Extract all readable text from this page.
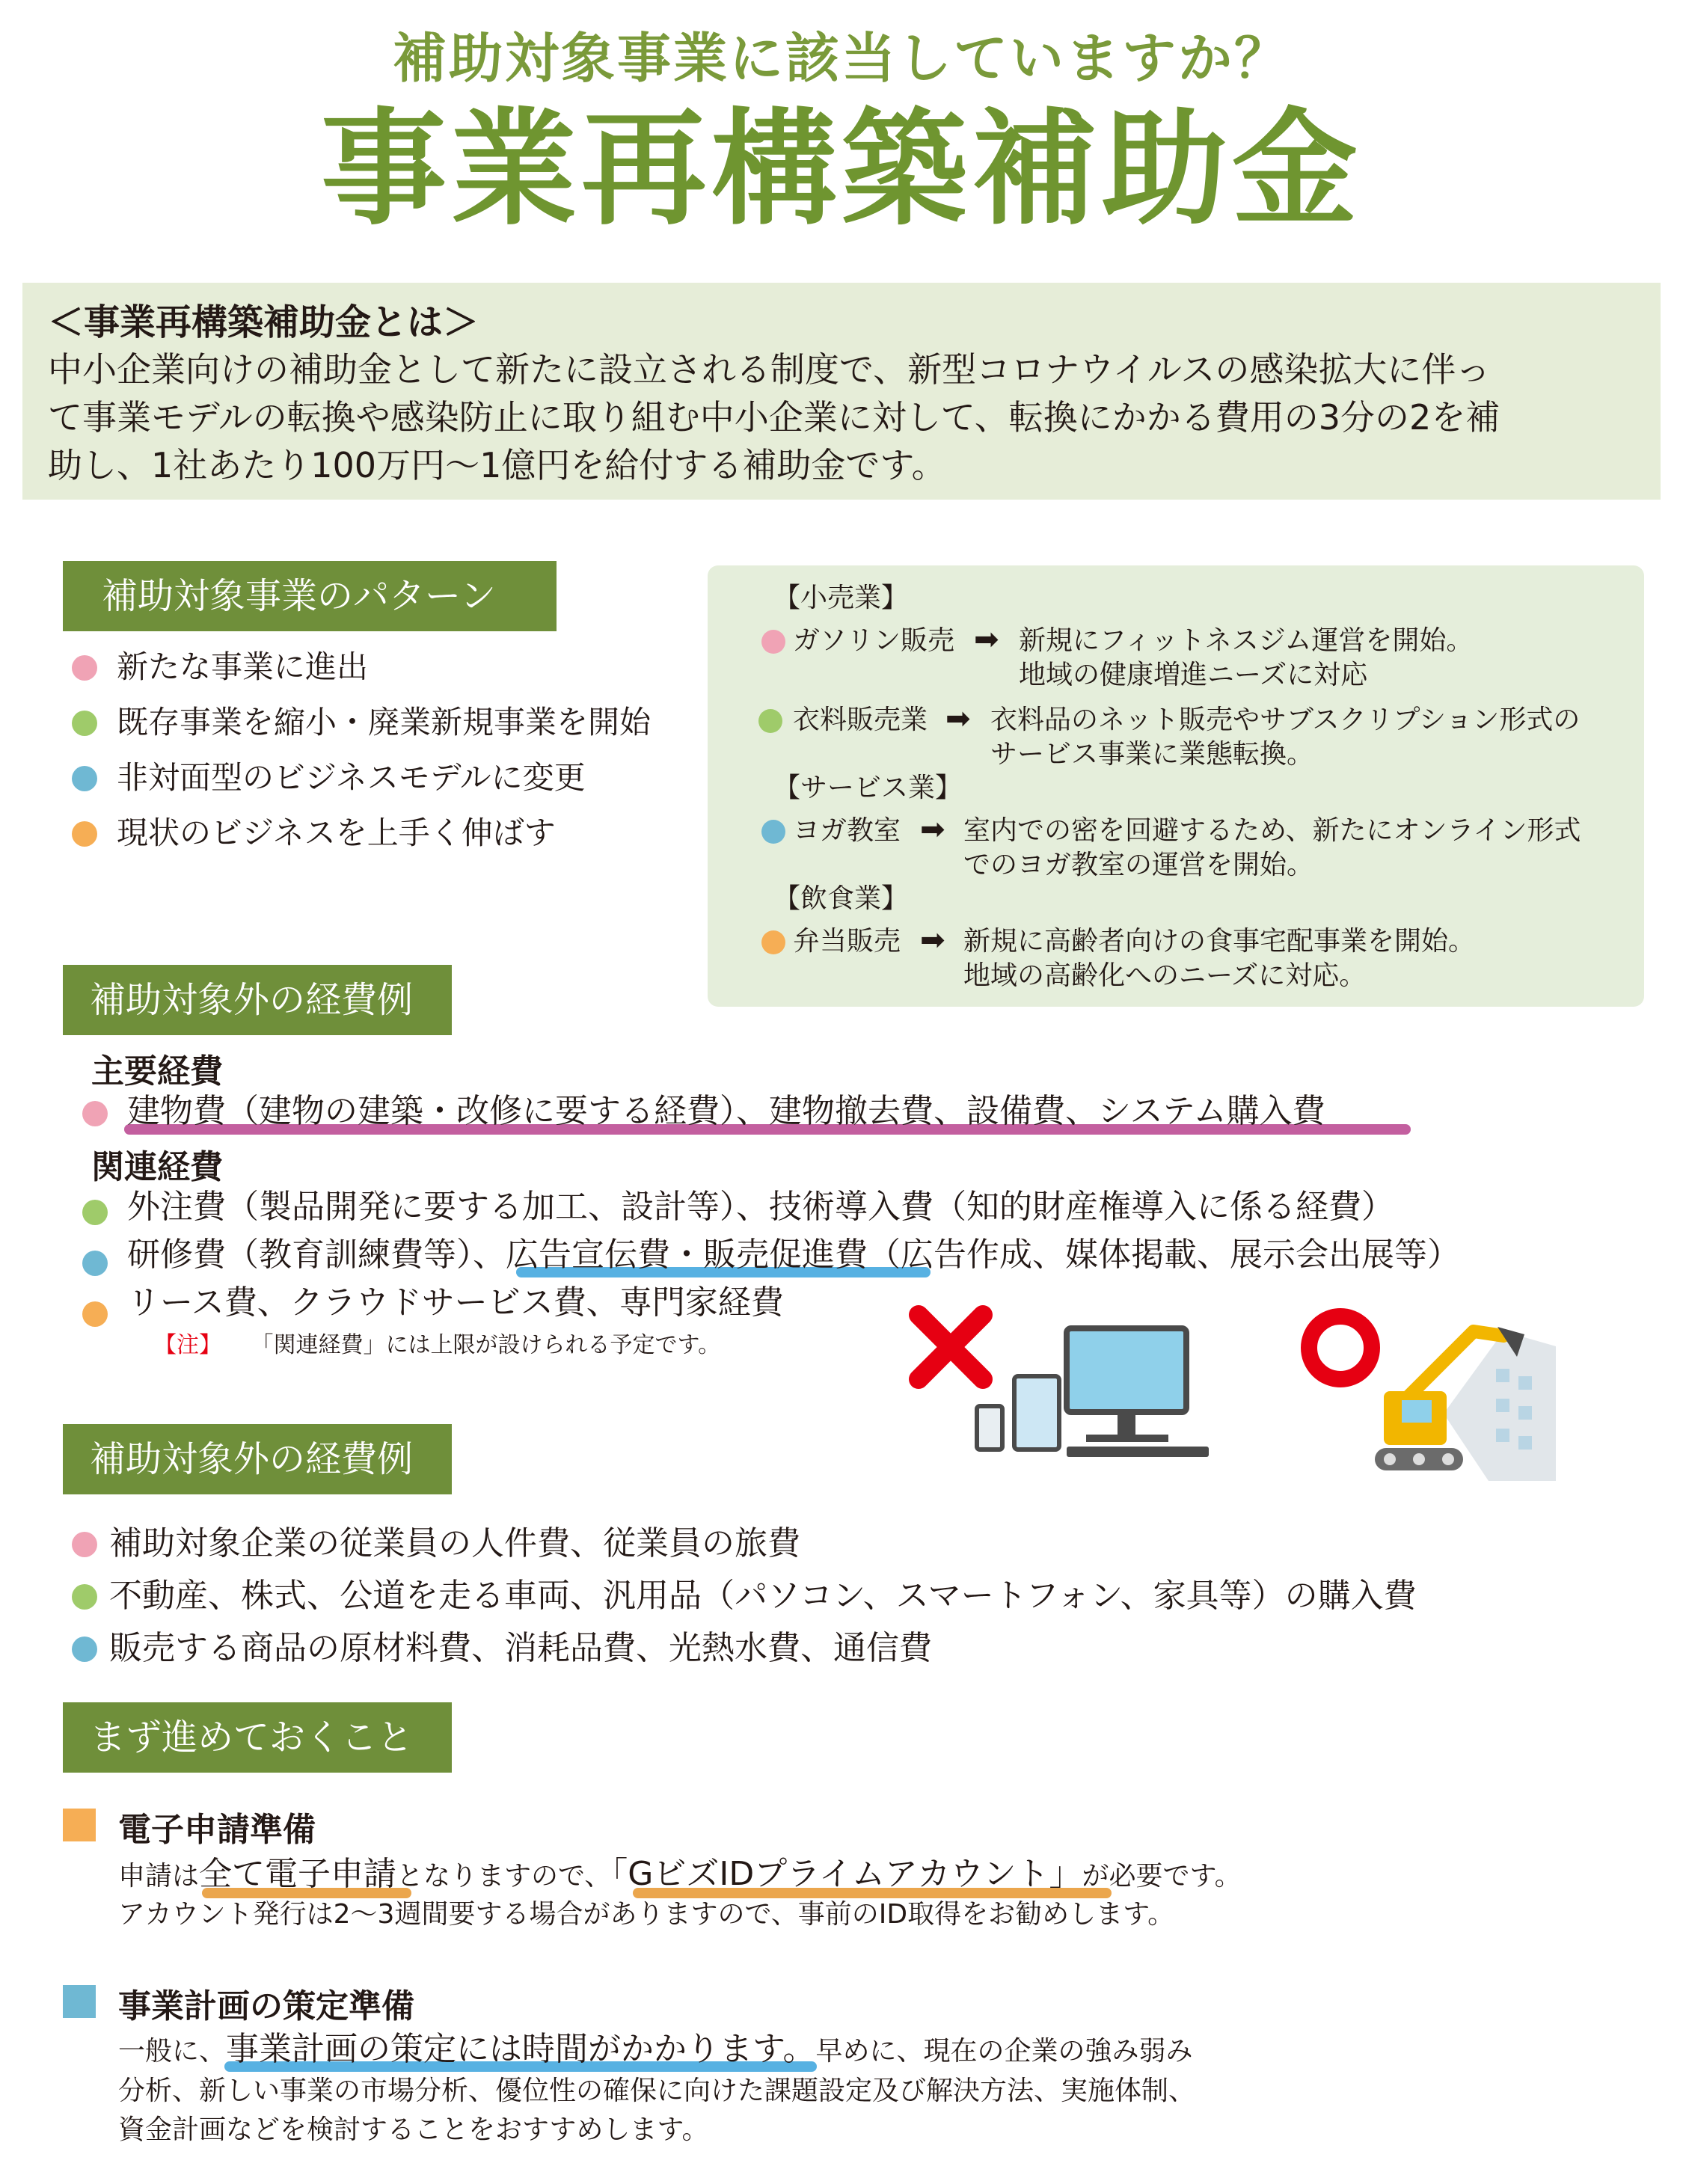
補助対象事業に該当していますか？
事業再構築補助金
＜事業再構築補助金とは＞
中小企業向けの補助金として新たに設立される制度で、新型コロナウイルスの感染拡大に伴っ
て事業モデルの転換や感染防止に取り組む中小企業に対して、転換にかかる費用の3分の2を補
助し、1社あたり100万円～1億円を給付する補助金です。
補助対象事業のパターン
新たな事業に進出
既存事業を縮小・廃業新規事業を開始
非対面型のビジネスモデルに変更
現状のビジネスを上手く伸ばす
【小売業】
ガソリン販売 ➡ 新規にフィットネスジム運営を開始。
地域の健康増進ニーズに対応
衣料販売業 ➡ 衣料品のネット販売やサブスクリプション形式の
サービス事業に業態転換。
【サービス業】
ヨガ教室 ➡ 室内での密を回避するため、新たにオンライン形式
でのヨガ教室の運営を開始。
【飲食業】
弁当販売 ➡ 新規に高齢者向けの食事宅配事業を開始。
地域の高齢化へのニーズに対応。
補助対象外の経費例
主要経費
建物費（建物の建築・改修に要する経費）、建物撤去費、設備費、システム購入費
関連経費
外注費（製品開発に要する加工、設計等）、技術導入費（知的財産権導入に係る経費）
研修費（教育訓練費等）、広告宣伝費・販売促進費（広告作成、媒体掲載、展示会出展等）
リース費、クラウドサービス費、専門家経費
【注】 「関連経費」には上限が設けられる予定です。
補助対象外の経費例
補助対象企業の従業員の人件費、従業員の旅費
不動産、株式、公道を走る車両、汎用品（パソコン、スマートフォン、家具等）の購入費
販売する商品の原材料費、消耗品費、光熱水費、通信費
まず進めておくこと
電子申請準備
申請は全て電子申請となりますので、「GビズIDプライムアカウント」が必要です。
アカウント発行は2～3週間要する場合がありますので、事前のID取得をお勧めします。
事業計画の策定準備
一般に、事業計画の策定には時間がかかります。早めに、現在の企業の強み弱み
分析、新しい事業の市場分析、優位性の確保に向けた課題設定及び解決方法、実施体制、
資金計画などを検討することをおすすめします。
